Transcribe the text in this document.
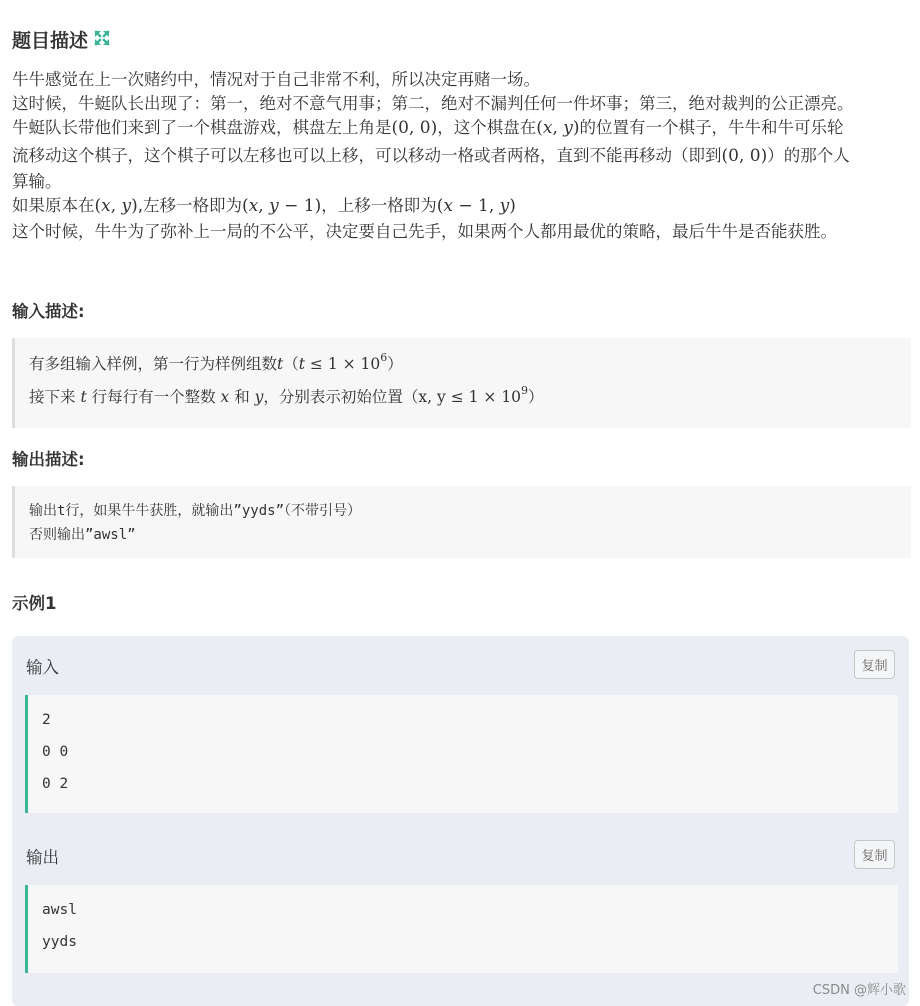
题目描述
牛牛感觉在上一次赌约中，情况对于自己非常不利，所以决定再赌一场。
这时候，牛蜓队长出现了：第一，绝对不意气用事；第二，绝对不漏判任何一件坏事；第三，绝对裁判的公正漂亮。
牛蜓队长带他们来到了一个棋盘游戏，棋盘左上角是(0, 0)，这个棋盘在(x, y)的位置有一个棋子，牛牛和牛可乐轮
流移动这个棋子，这个棋子可以左移也可以上移，可以移动一格或者两格，直到不能再移动（即到(0, 0)）的那个人
算输。
如果原本在(x, y),左移一格即为(x, y − 1)，上移一格即为(x − 1, y)
这个时候，牛牛为了弥补上一局的不公平，决定要自己先手，如果两个人都用最优的策略，最后牛牛是否能获胜。
输入描述:
有多组输入样例，第一行为样例组数$t(t \le 1 \times 10^6)$
接下来 t 行每行有一个整数 x 和 y，分别表示初始位置（x, $y \le 1 \times 10^9$）
输出描述:
输出t行，如果牛牛获胜，就输出”yyds”（不带引号）
否则输出”awsl”
示例1
输入	复制
2
0 0
0 2
输出	复制
awsl
yyds
CSDN @辉小歌
